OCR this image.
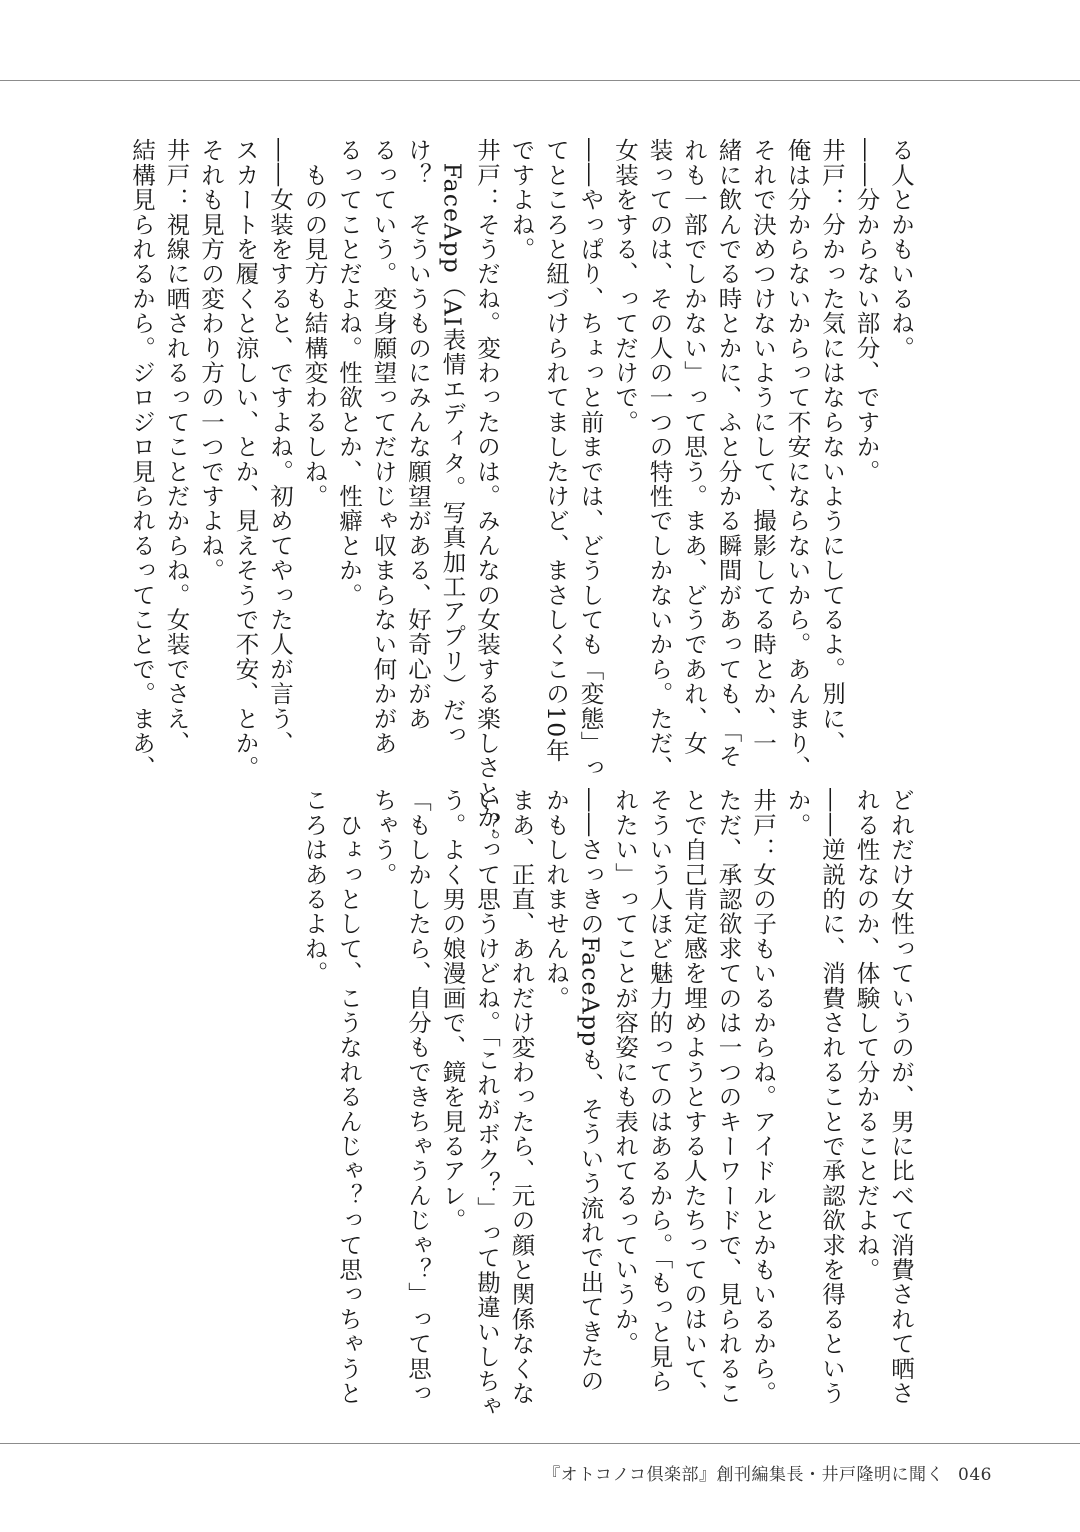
る人とかもいるね。
――分からない部分、ですか。
井戸：分かった気にはならないようにしてるよ。別に、
俺は分からないからって不安にならないから。あんまり、
それで決めつけないようにして、撮影してる時とか、一
緒に飲んでる時とかに、ふと分かる瞬間があっても、「そ
れも一部でしかない」って思う。まあ、どうであれ、女
装ってのは、その人の一つの特性でしかないから。ただ、
女装をする、ってだけで。
――やっぱり、ちょっと前までは、どうしても「変態」っ
てところと紐づけられてましたけど、まさしくこの10年
ですよね。
井戸：そうだね。変わったのは。みんなの女装する楽しさとか。
　FaceApp（AI表情エディタ。写真加工アプリ）だっ
け？　そういうものにみんな願望がある、好奇心があ
るっていう。変身願望ってだけじゃ収まらない何かがあ
るってことだよね。性欲とか、性癖とか。
　ものの見方も結構変わるしね。
――女装をすると、ですよね。初めてやった人が言う、
スカートを履くと涼しい、とか、見えそうで不安、とか。
それも見方の変わり方の一つですよね。
井戸：視線に晒されるってことだからね。女装でさえ、
結構見られるから。ジロジロ見られるってことで。まあ、
どれだけ女性っていうのが、男に比べて消費されて晒さ
れる性なのか、体験して分かることだよね。
――逆説的に、消費されることで承認欲求を得るという
か。
井戸：女の子もいるからね。アイドルとかもいるから。
ただ、承認欲求てのは一つのキーワードで、見られるこ
とで自己肯定感を埋めようとする人たちってのはいて、
そういう人ほど魅力的ってのはあるから。「もっと見ら
れたい」ってことが容姿にも表れてるっていうか。
――さっきのFaceAppも、そういう流れで出てきたの
かもしれませんね。
まあ、正直、あれだけ変わったら、元の顔と関係なくな
い？って思うけどね。「これがボク？」って勘違いしちゃ
う。よく男の娘漫画で、鏡を見るアレ。
「もしかしたら、自分もできちゃうんじゃ？」って思っ
ちゃう。
　ひょっとして、こうなれるんじゃ？って思っちゃうと
ころはあるよね。
『オトコノコ倶楽部』創刊編集長・井戸隆明に聞く 046
